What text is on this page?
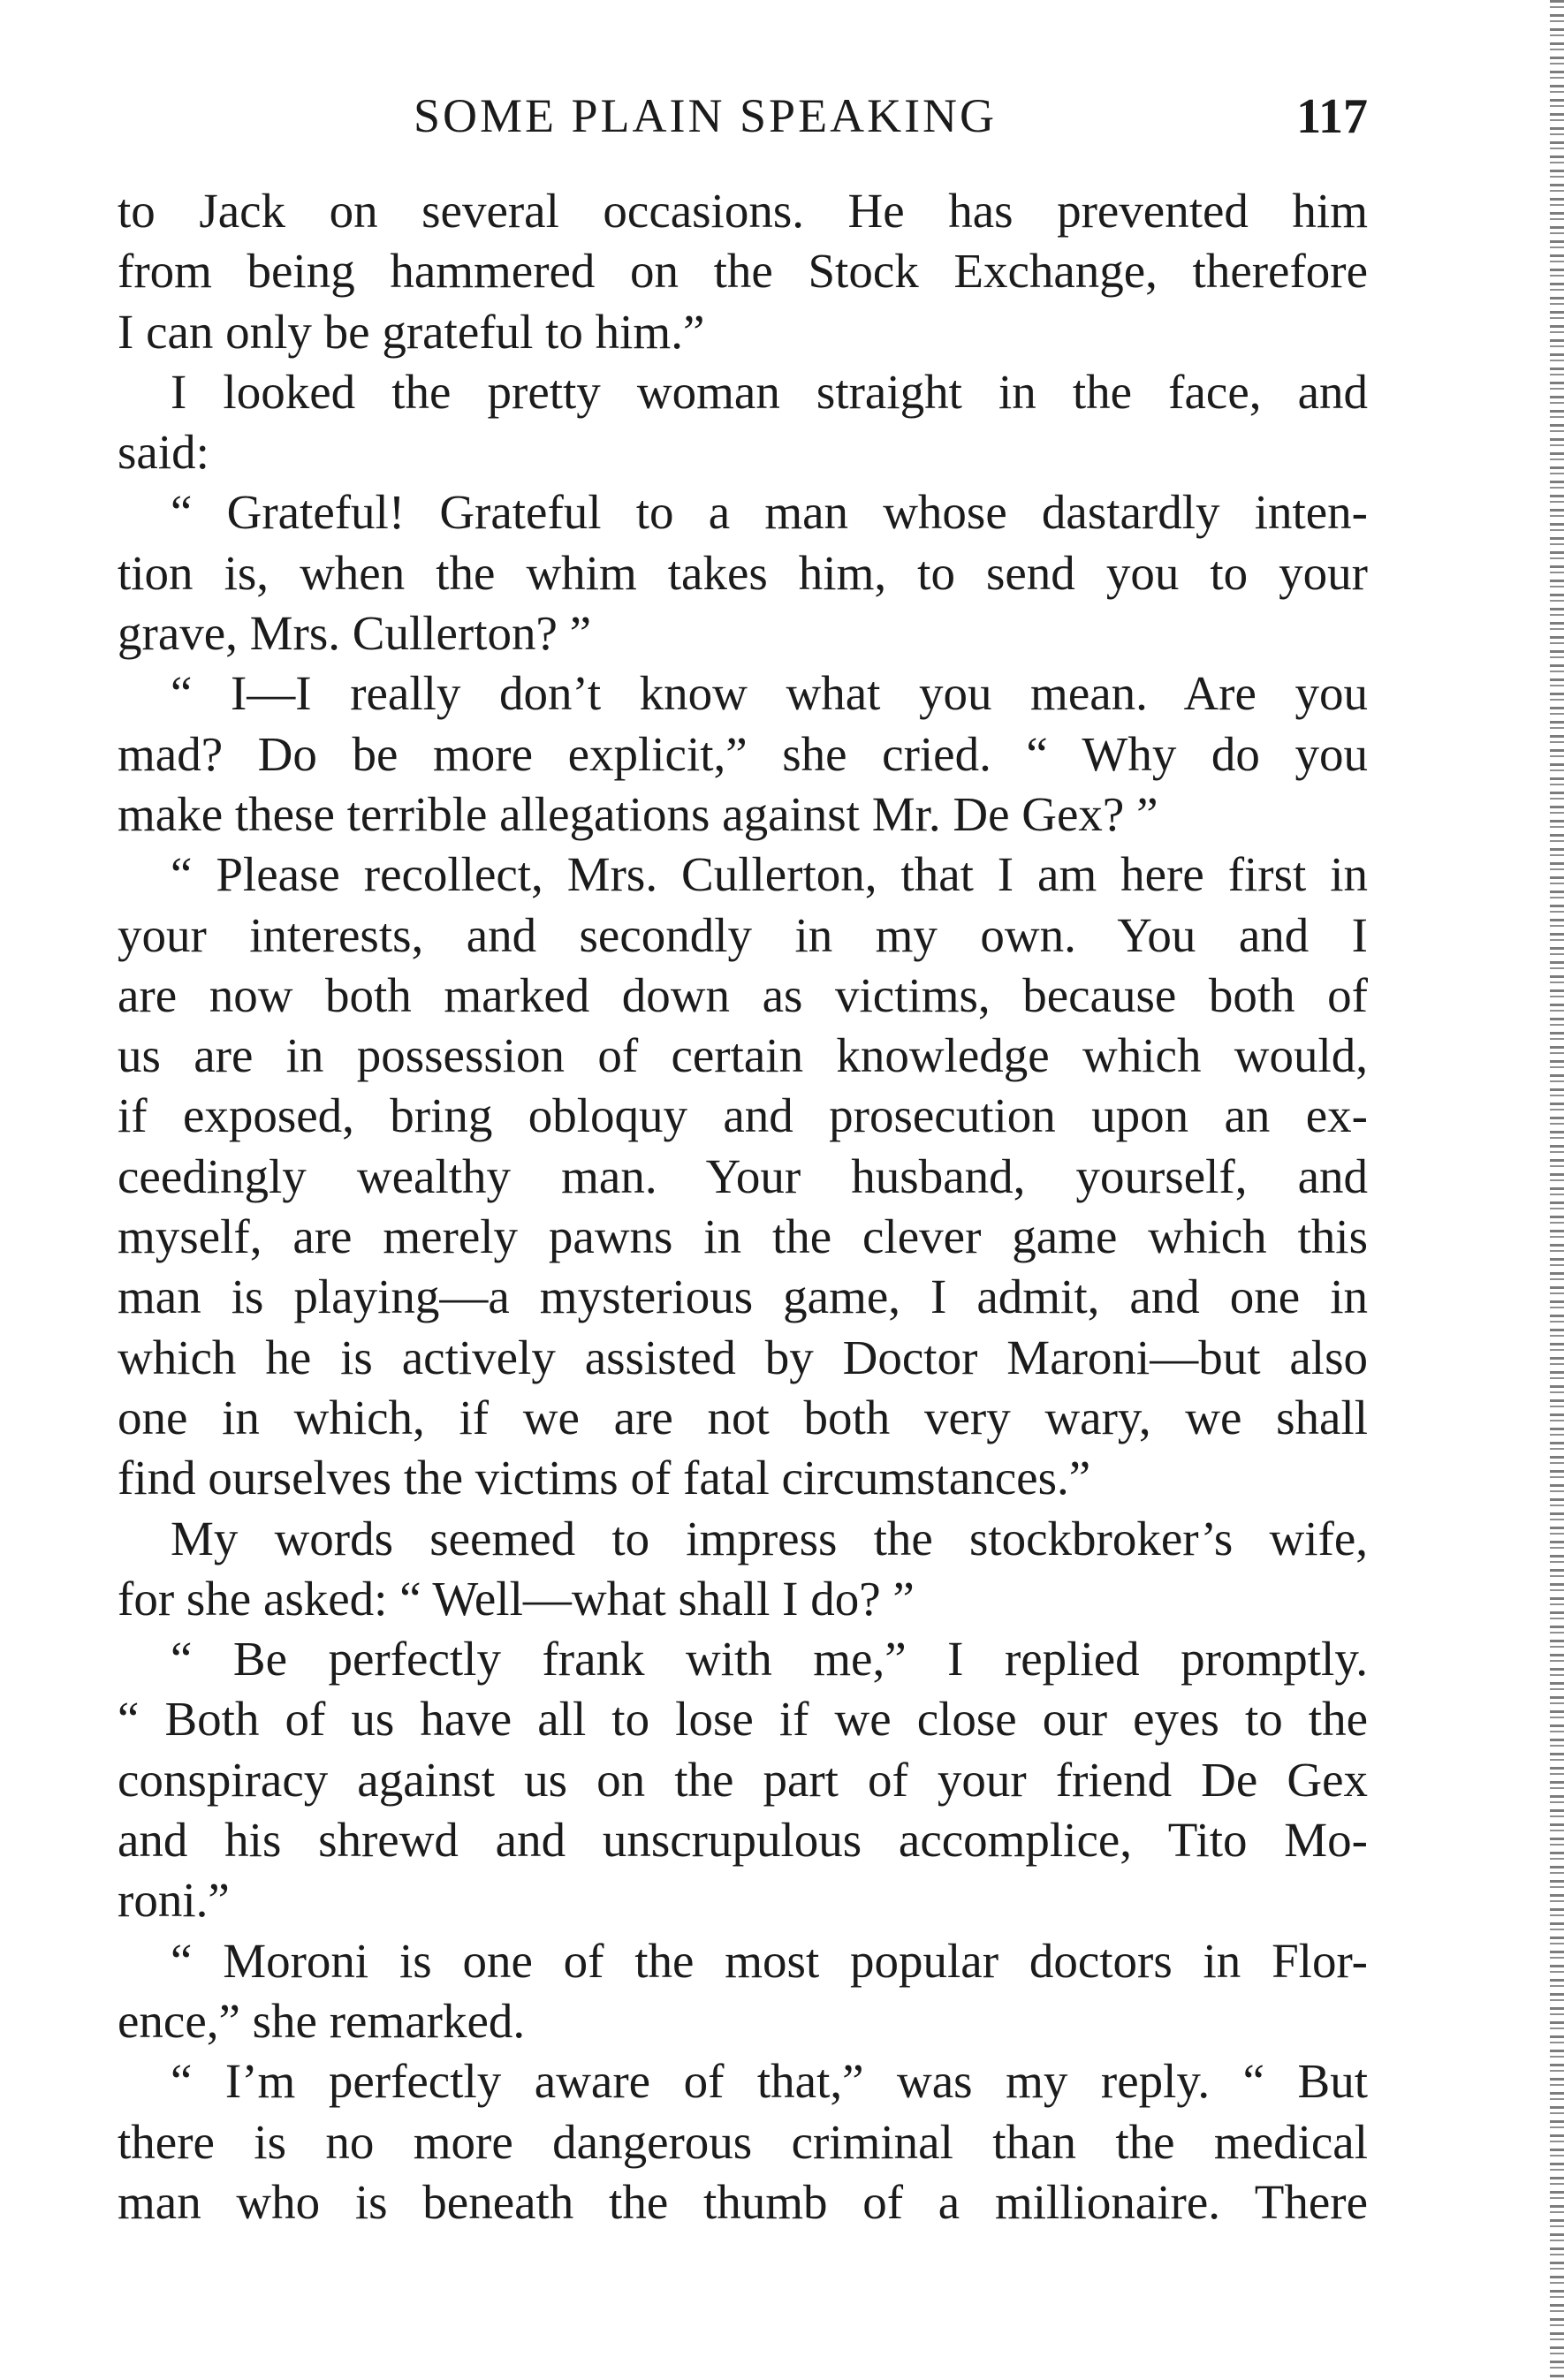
SOME PLAIN SPEAKING	117
to Jack on several occasions. He has prevented him
from being hammered on the Stock Exchange, therefore
I can only be grateful to him.”
I looked the pretty woman straight in the face, and
said:
“ Grateful! Grateful to a man whose dastardly inten-
tion is, when the whim takes him, to send you to your
grave, Mrs. Cullerton? ”
“ I—I really don’t know what you mean. Are you
mad? Do be more explicit,” she cried. “ Why do you
make these terrible allegations against Mr. De Gex? ”
“ Please recollect, Mrs. Cullerton, that I am here first in
your interests, and secondly in my own. You and I
are now both marked down as victims, because both of
us are in possession of certain knowledge which would,
if exposed, bring obloquy and prosecution upon an ex-
ceedingly wealthy man. Your husband, yourself, and
myself, are merely pawns in the clever game which this
man is playing—a mysterious game, I admit, and one in
which he is actively assisted by Doctor Maroni—but also
one in which, if we are not both very wary, we shall
find ourselves the victims of fatal circumstances.”
My words seemed to impress the stockbroker’s wife,
for she asked: “ Well—what shall I do? ”
“ Be perfectly frank with me,” I replied promptly.
“ Both of us have all to lose if we close our eyes to the
conspiracy against us on the part of your friend De Gex
and his shrewd and unscrupulous accomplice, Tito Mo-
roni.”
“ Moroni is one of the most popular doctors in Flor-
ence,” she remarked.
“ I’m perfectly aware of that,” was my reply. “ But
there is no more dangerous criminal than the medical
man who is beneath the thumb of a millionaire. There
